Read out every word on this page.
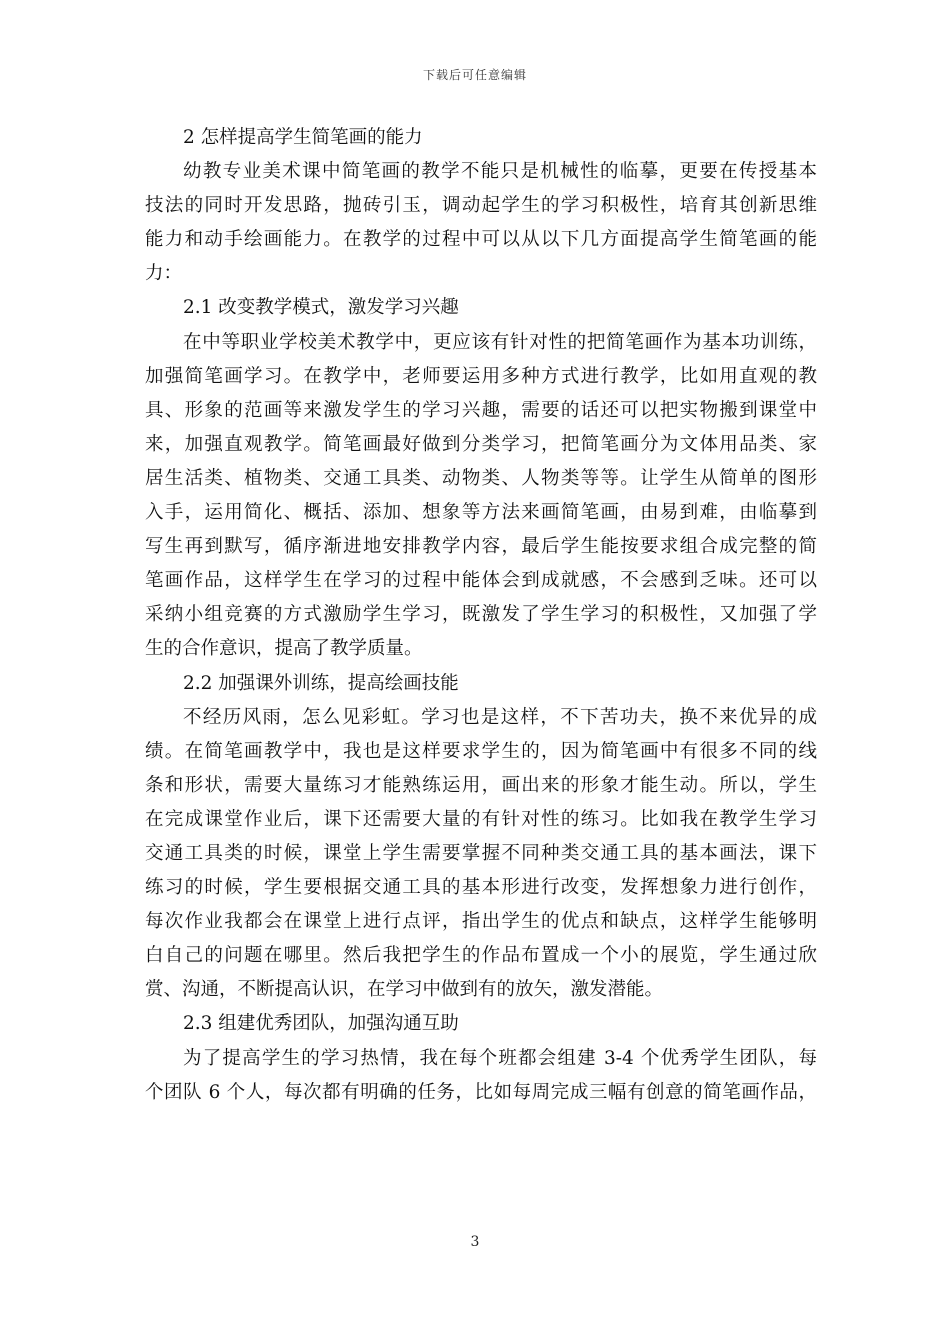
下载后可任意编辑
2 怎样提高学生简笔画的能力
幼教专业美术课中简笔画的教学不能只是机械性的临摹，更要在传授基本
技法的同时开发思路，抛砖引玉，调动起学生的学习积极性，培育其创新思维
能力和动手绘画能力。在教学的过程中可以从以下几方面提高学生简笔画的能
力：
2.1 改变教学模式，激发学习兴趣
在中等职业学校美术教学中，更应该有针对性的把简笔画作为基本功训练，
加强简笔画学习。在教学中，老师要运用多种方式进行教学，比如用直观的教
具、形象的范画等来激发学生的学习兴趣，需要的话还可以把实物搬到课堂中
来，加强直观教学。简笔画最好做到分类学习，把简笔画分为文体用品类、家
居生活类、植物类、交通工具类、动物类、人物类等等。让学生从简单的图形
入手，运用简化、概括、添加、想象等方法来画简笔画，由易到难，由临摹到
写生再到默写，循序渐进地安排教学内容，最后学生能按要求组合成完整的简
笔画作品，这样学生在学习的过程中能体会到成就感，不会感到乏味。还可以
采纳小组竞赛的方式激励学生学习，既激发了学生学习的积极性，又加强了学
生的合作意识，提高了教学质量。
2.2 加强课外训练，提高绘画技能
不经历风雨，怎么见彩虹。学习也是这样，不下苦功夫，换不来优异的成
绩。在简笔画教学中，我也是这样要求学生的，因为简笔画中有很多不同的线
条和形状，需要大量练习才能熟练运用，画出来的形象才能生动。所以，学生
在完成课堂作业后，课下还需要大量的有针对性的练习。比如我在教学生学习
交通工具类的时候，课堂上学生需要掌握不同种类交通工具的基本画法，课下
练习的时候，学生要根据交通工具的基本形进行改变，发挥想象力进行创作，
每次作业我都会在课堂上进行点评，指出学生的优点和缺点，这样学生能够明
白自己的问题在哪里。然后我把学生的作品布置成一个小的展览，学生通过欣
赏、沟通，不断提高认识，在学习中做到有的放矢，激发潜能。
2.3 组建优秀团队，加强沟通互助
为了提高学生的学习热情，我在每个班都会组建 3-4 个优秀学生团队，每
个团队 6 个人，每次都有明确的任务，比如每周完成三幅有创意的简笔画作品，
3
